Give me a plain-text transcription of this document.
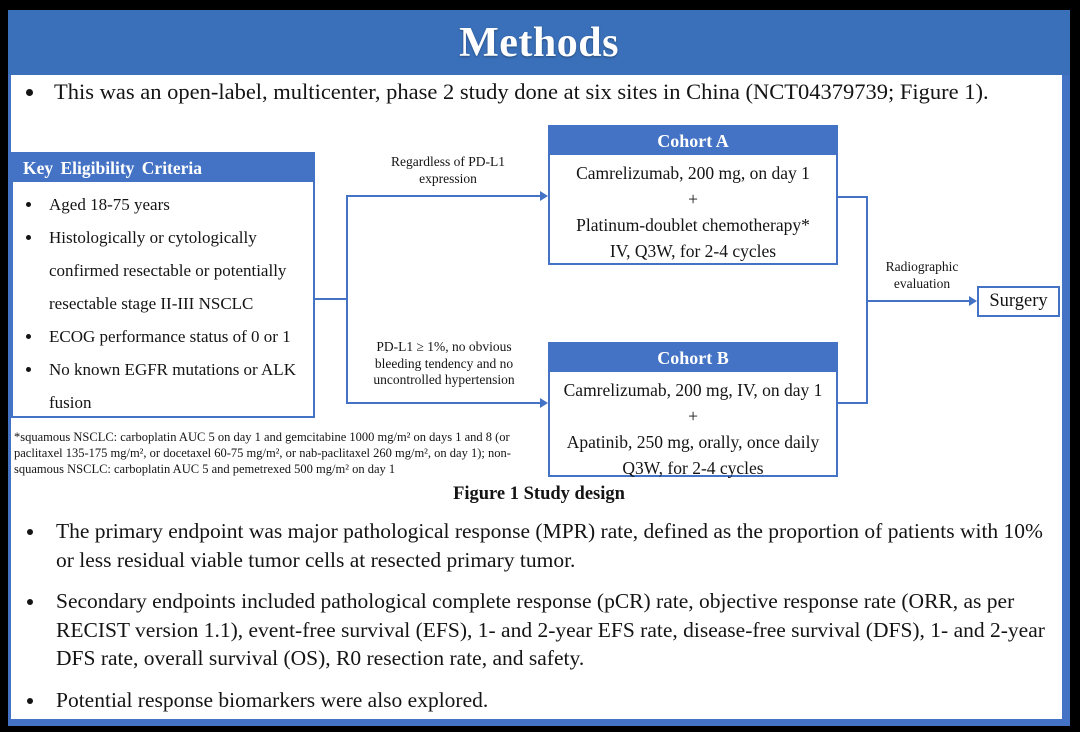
Methods
• This was an open-label, multicenter, phase 2 study done at six sites in China (NCT04379739; Figure 1).
Key Eligibility Criteria
• Aged 18-75 years
• Histologically or cytologically confirmed resectable or potentially resectable stage II-III NSCLC
• ECOG performance status of 0 or 1
• No known EGFR mutations or ALK fusion
*squamous NSCLC: carboplatin AUC 5 on day 1 and gemcitabine 1000 mg/m² on days 1 and 8 (or paclitaxel 135-175 mg/m², or docetaxel 60-75 mg/m², or nab-paclitaxel 260 mg/m², on day 1); non-squamous NSCLC: carboplatin AUC 5 and pemetrexed 500 mg/m² on day 1
Regardless of PD-L1
expression
PD-L1 ≥ 1%, no obvious
bleeding tendency and no
uncontrolled hypertension
Cohort A
Camrelizumab, 200 mg, on day 1
+
Platinum-doublet chemotherapy*
IV, Q3W, for 2-4 cycles
Cohort B
Camrelizumab, 200 mg, IV, on day 1
+
Apatinib, 250 mg, orally, once daily
Q3W, for 2-4 cycles
Radiographic
evaluation
Surgery
Figure 1 Study design
• The primary endpoint was major pathological response (MPR) rate, defined as the proportion of patients with 10% or less residual viable tumor cells at resected primary tumor.
• Secondary endpoints included pathological complete response (pCR) rate, objective response rate (ORR, as per RECIST version 1.1), event-free survival (EFS), 1- and 2-year EFS rate, disease-free survival (DFS), 1- and 2-year DFS rate, overall survival (OS), R0 resection rate, and safety.
• Potential response biomarkers were also explored.
